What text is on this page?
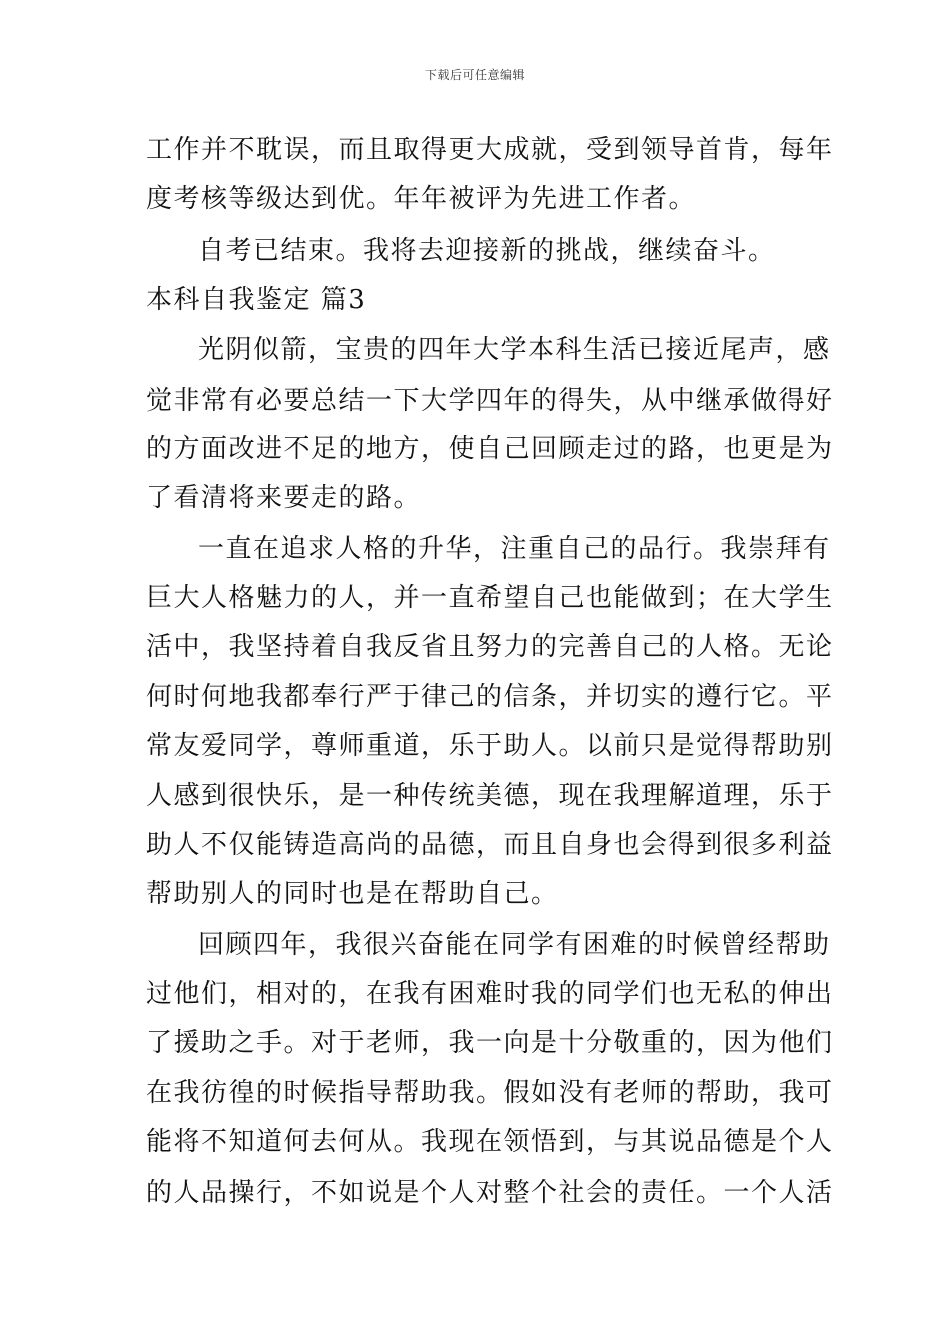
下载后可任意编辑
工作并不耽误，而且取得更大成就，受到领导首肯，每年
度考核等级达到优。年年被评为先进工作者。
自考已结束。我将去迎接新的挑战，继续奋斗。
本科自我鉴定 篇3
光阴似箭，宝贵的四年大学本科生活已接近尾声，感
觉非常有必要总结一下大学四年的得失，从中继承做得好
的方面改进不足的地方，使自己回顾走过的路，也更是为
了看清将来要走的路。
一直在追求人格的升华，注重自己的品行。我崇拜有
巨大人格魅力的人，并一直希望自己也能做到；在大学生
活中，我坚持着自我反省且努力的完善自己的人格。无论
何时何地我都奉行严于律己的信条，并切实的遵行它。平
常友爱同学，尊师重道，乐于助人。以前只是觉得帮助别
人感到很快乐，是一种传统美德，现在我理解道理，乐于
助人不仅能铸造高尚的品德，而且自身也会得到很多利益
帮助别人的同时也是在帮助自己。
回顾四年，我很兴奋能在同学有困难的时候曾经帮助
过他们，相对的，在我有困难时我的同学们也无私的伸出
了援助之手。对于老师，我一向是十分敬重的，因为他们
在我彷徨的时候指导帮助我。假如没有老师的帮助，我可
能将不知道何去何从。我现在领悟到，与其说品德是个人
的人品操行，不如说是个人对整个社会的责任。一个人活
